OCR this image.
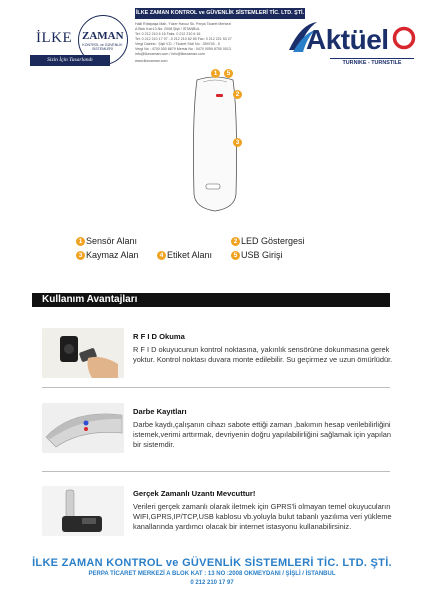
İLKE ZAMAN
KONTROL ve GÜVENLİK SİSTEMLERİ
Sizin İçin Tasarlandı
İLKE ZAMAN KONTROL ve GÜVENLİK SİSTEMLERİ TİC. LTD. ŞTİ.
Halil Rıfatpaşa Mah. Yüzer Havuz Sk. Perpa Ticaret Merkezi
A Blok Kat:13 No: 2008 Şişli / İSTANBUL
Tel: 0 212 210 6 16 Faks: 0 212 210 6 16
Tel: 0 212 210 17 97 - 0 212 210 82 80 Fax: 0 212 221 53 27
Vergi Dairesi : Şişli V.D. / Ticaret Sicil No : 359745 - 5
Vergi No : 4700 000 8679 Mersis No : 0470 0059 8750 0013
info@ilkezaman.com / info@ilkezaman.com
www.ilkezaman.com
Aktüel
TURNIKE - TURNSTILE
1	5
2
3
1 Sensör Alanı	2 LED Göstergesi
3 Kaymaz Alan	4 Etiket Alanı	5 USB Girişi
Kullanım Avantajları
R F I D Okuma
R F I D okuyucunun kontrol noktasına, yakınlık sensörüne dokunmasına gerek yoktur. Kontrol noktası duvara monte edilebilir. Su geçirmez ve uzun ömürlüdür.
Darbe Kayıtları
Darbe kaydı,çalışanın cihazı sabote ettiği zaman ,bakımın hesap verilebilirliğini istemek,verimi arttırmak, devriyenin doğru yapılabilirliğini sağlamak için yapılan bir sistemdir.
Gerçek Zamanlı Uzantı Mevcuttur!
Verileri gerçek zamanlı olarak iletmek için GPRS'li olmayan temel okuyucuların WIFI,GPRS,IP/TCP,USB kablosu vb.yoluyla bulut tabanlı yazılıma veri yükleme kanallarında yardımcı olacak bir internet istasyonu kullanabilirsiniz.
İLKE ZAMAN KONTROL ve GÜVENLİK SİSTEMLERİ TİC. LTD. ŞTİ.
PERPA TİCARET MERKEZİ A BLOK KAT : 13 NO :2008 OKMEYDANI / ŞİŞLİ / İSTANBUL
0 212 210 17 97
